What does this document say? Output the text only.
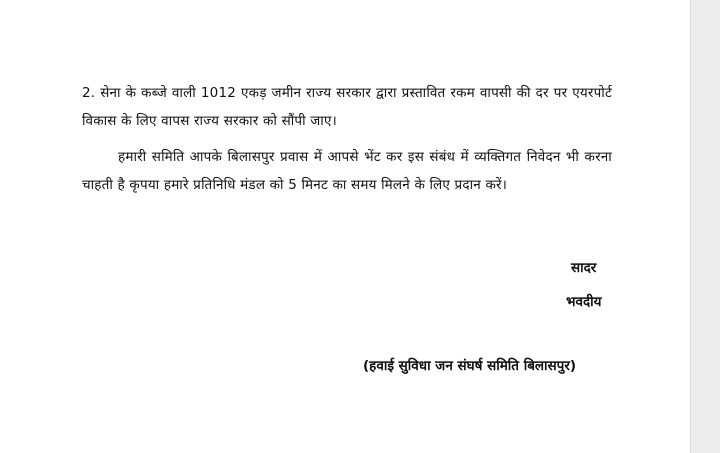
2. सेना के कब्जे वाली 1012 एकड़ जमीन राज्य सरकार द्वारा प्रस्तावित रकम वापसी की दर पर एयरपोर्ट विकास के लिए वापस राज्य सरकार को सौंपी जाए।

हमारी समिति आपके बिलासपुर प्रवास में आपसे भेंट कर इस संबंध में व्यक्तिगत निवेदन भी करना चाहती है कृपया हमारे प्रतिनिधि मंडल को 5 मिनट का समय मिलने के लिए प्रदान करें।

सादर
भवदीय
(हवाई सुविधा जन संघर्ष समिति बिलासपुर)
